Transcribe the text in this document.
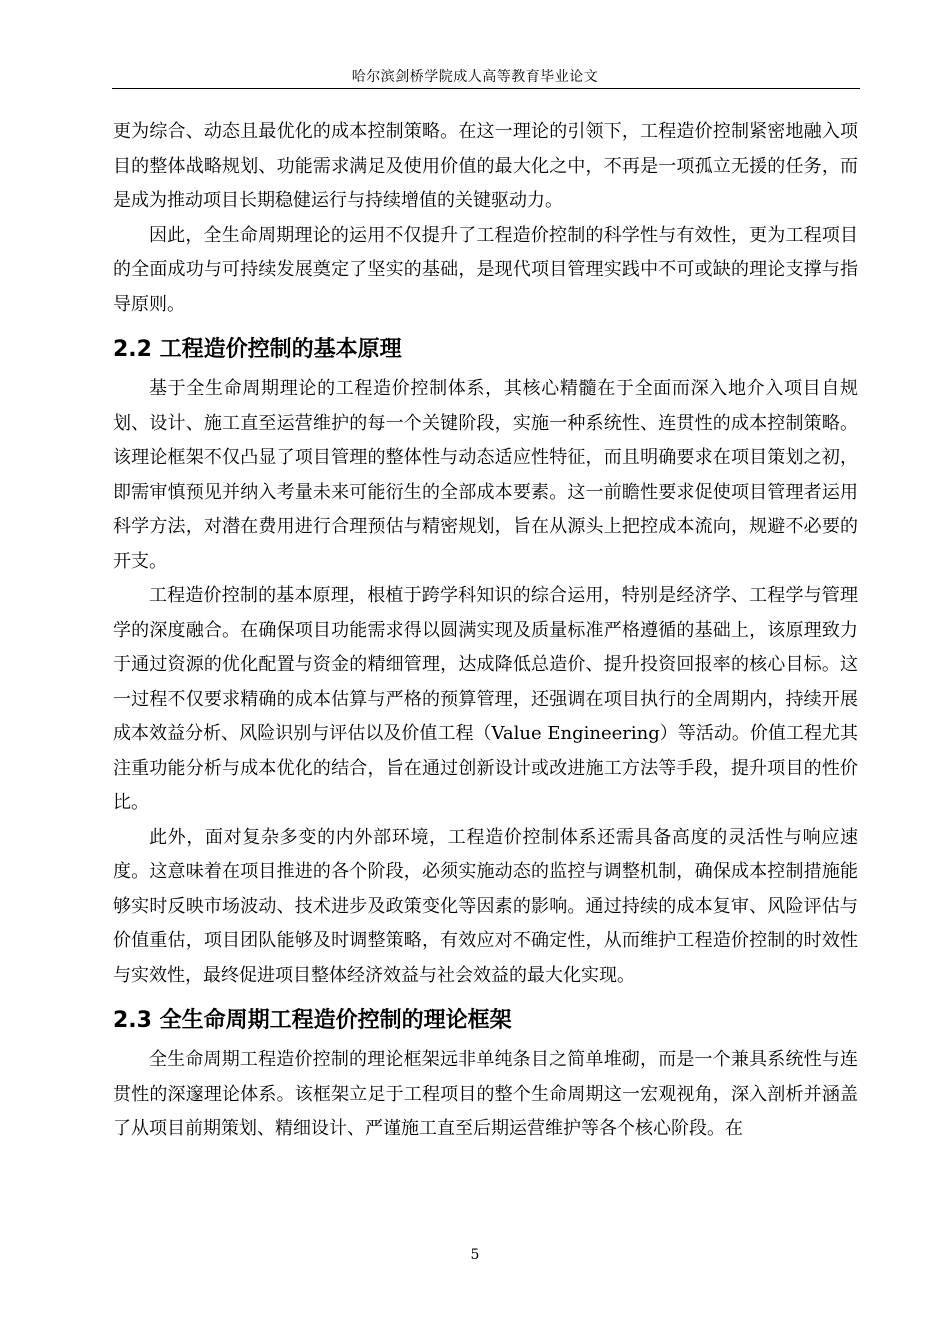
哈尔滨剑桥学院成人高等教育毕业论文

更为综合、动态且最优化的成本控制策略。在这一理论的引领下，工程造价控制紧密地融入项目的整体战略规划、功能需求满足及使用价值的最大化之中，不再是一项孤立无援的任务，而是成为推动项目长期稳健运行与持续增值的关键驱动力。

因此，全生命周期理论的运用不仅提升了工程造价控制的科学性与有效性，更为工程项目的全面成功与可持续发展奠定了坚实的基础，是现代项目管理实践中不可或缺的理论支撑与指导原则。

2.2 工程造价控制的基本原理

基于全生命周期理论的工程造价控制体系，其核心精髓在于全面而深入地介入项目自规划、设计、施工直至运营维护的每一个关键阶段，实施一种系统性、连贯性的成本控制策略。该理论框架不仅凸显了项目管理的整体性与动态适应性特征，而且明确要求在项目策划之初，即需审慎预见并纳入考量未来可能衍生的全部成本要素。这一前瞻性要求促使项目管理者运用科学方法，对潜在费用进行合理预估与精密规划，旨在从源头上把控成本流向，规避不必要的开支。

工程造价控制的基本原理，根植于跨学科知识的综合运用，特别是经济学、工程学与管理学的深度融合。在确保项目功能需求得以圆满实现及质量标准严格遵循的基础上，该原理致力于通过资源的优化配置与资金的精细管理，达成降低总造价、提升投资回报率的核心目标。这一过程不仅要求精确的成本估算与严格的预算管理，还强调在项目执行的全周期内，持续开展成本效益分析、风险识别与评估以及价值工程（Value Engineering）等活动。价值工程尤其注重功能分析与成本优化的结合，旨在通过创新设计或改进施工方法等手段，提升项目的性价比。

此外，面对复杂多变的内外部环境，工程造价控制体系还需具备高度的灵活性与响应速度。这意味着在项目推进的各个阶段，必须实施动态的监控与调整机制，确保成本控制措施能够实时反映市场波动、技术进步及政策变化等因素的影响。通过持续的成本复审、风险评估与价值重估，项目团队能够及时调整策略，有效应对不确定性，从而维护工程造价控制的时效性与实效性，最终促进项目整体经济效益与社会效益的最大化实现。

2.3 全生命周期工程造价控制的理论框架

全生命周期工程造价控制的理论框架远非单纯条目之简单堆砌，而是一个兼具系统性与连贯性的深邃理论体系。该框架立足于工程项目的整个生命周期这一宏观视角，深入剖析并涵盖了从项目前期策划、精细设计、严谨施工直至后期运营维护等各个核心阶段。在

5
